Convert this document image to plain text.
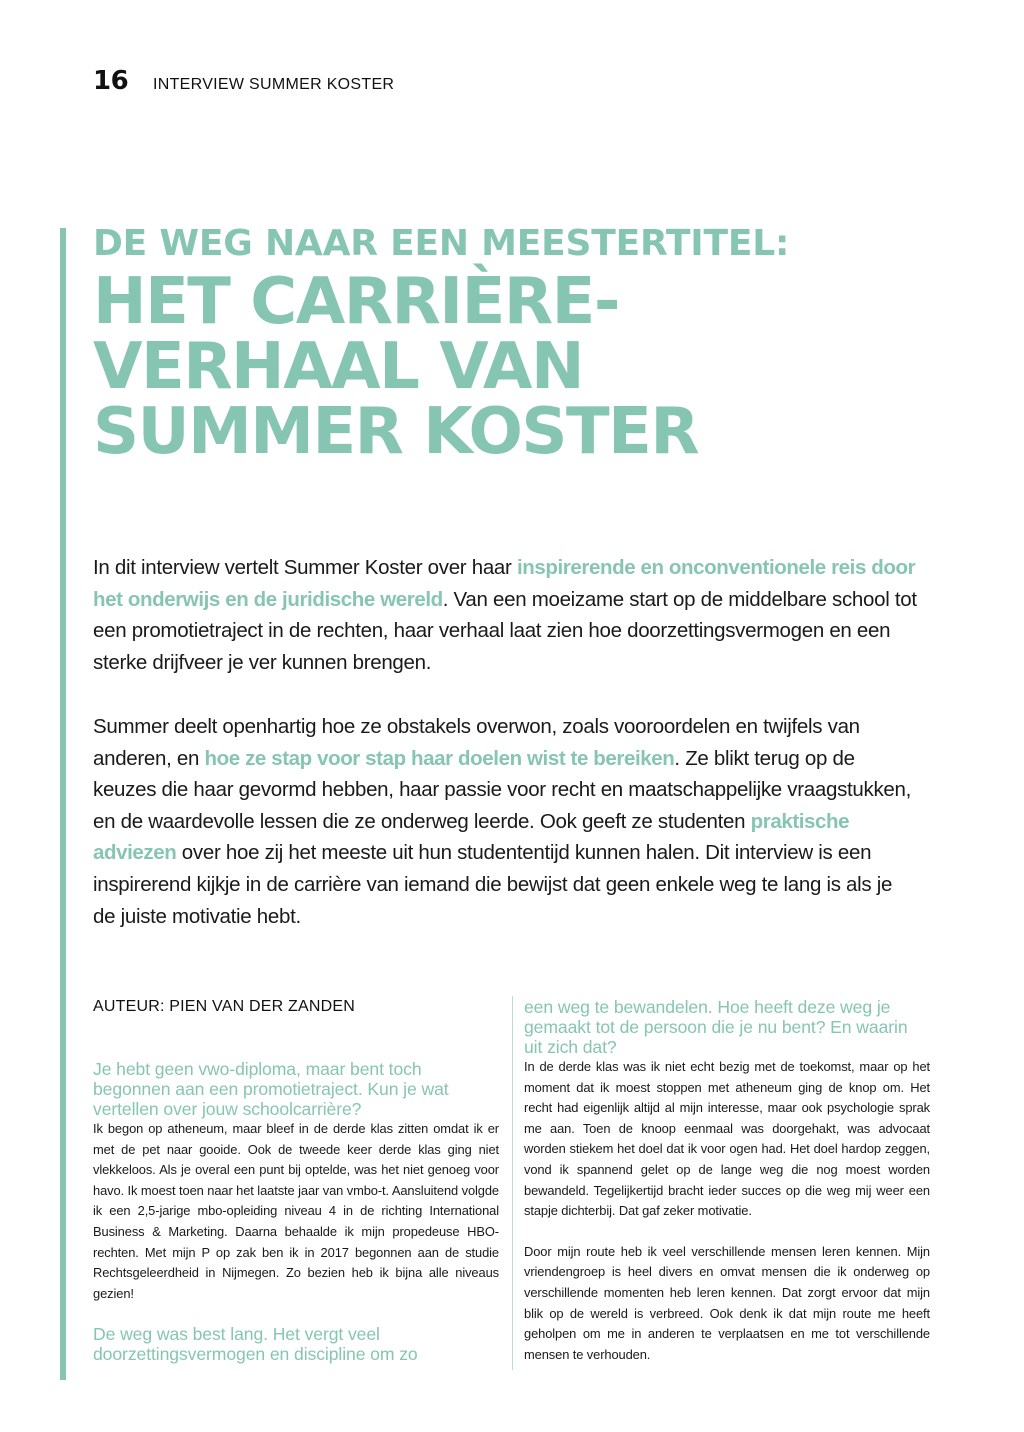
16 INTERVIEW SUMMER KOSTER
DE WEG NAAR EEN MEESTERTITEL:
HET CARRIÈRE-
VERHAAL VAN
SUMMER KOSTER

In dit interview vertelt Summer Koster over haar inspirerende en onconventionele reis door het onderwijs en de juridische wereld. Van een moeizame start op de middelbare school tot een promotietraject in de rechten, haar verhaal laat zien hoe doorzettingsvermogen en een sterke drijfveer je ver kunnen brengen.

Summer deelt openhartig hoe ze obstakels overwon, zoals vooroordelen en twijfels van anderen, en hoe ze stap voor stap haar doelen wist te bereiken. Ze blikt terug op de keuzes die haar gevormd hebben, haar passie voor recht en maatschappelijke vraagstukken, en de waardevolle lessen die ze onderweg leerde. Ook geeft ze studenten praktische adviezen over hoe zij het meeste uit hun studententijd kunnen halen. Dit interview is een inspirerend kijkje in de carrière van iemand die bewijst dat geen enkele weg te lang is als je de juiste motivatie hebt.

AUTEUR: PIEN VAN DER ZANDEN

Je hebt geen vwo-diploma, maar bent toch begonnen aan een promotietraject. Kun je wat vertellen over jouw schoolcarrière?

Ik begon op atheneum, maar bleef in de derde klas zitten omdat ik er met de pet naar gooide. Ook de tweede keer derde klas ging niet vlekkeloos. Als je overal een punt bij optelde, was het niet genoeg voor havo. Ik moest toen naar het laatste jaar van vmbo-t. Aansluitend volgde ik een 2,5-jarige mbo-opleiding niveau 4 in de richting International Business & Marketing. Daarna behaalde ik mijn propedeuse HBO-rechten. Met mijn P op zak ben ik in 2017 begonnen aan de studie Rechtsgeleerdheid in Nijmegen. Zo bezien heb ik bijna alle niveaus gezien!

De weg was best lang. Het vergt veel doorzettingsvermogen en discipline om zo

een weg te bewandelen. Hoe heeft deze weg je gemaakt tot de persoon die je nu bent? En waarin uit zich dat?

In de derde klas was ik niet echt bezig met de toekomst, maar op het moment dat ik moest stoppen met atheneum ging de knop om. Het recht had eigenlijk altijd al mijn interesse, maar ook psychologie sprak me aan. Toen de knoop eenmaal was doorgehakt, was advocaat worden stiekem het doel dat ik voor ogen had. Het doel hardop zeggen, vond ik spannend gelet op de lange weg die nog moest worden bewandeld. Tegelijkertijd bracht ieder succes op die weg mij weer een stapje dichterbij. Dat gaf zeker motivatie.

Door mijn route heb ik veel verschillende mensen leren kennen. Mijn vriendengroep is heel divers en omvat mensen die ik onderweg op verschillende momenten heb leren kennen. Dat zorgt ervoor dat mijn blik op de wereld is verbreed. Ook denk ik dat mijn route me heeft geholpen om me in anderen te verplaatsen en me tot verschillende mensen te verhouden.
